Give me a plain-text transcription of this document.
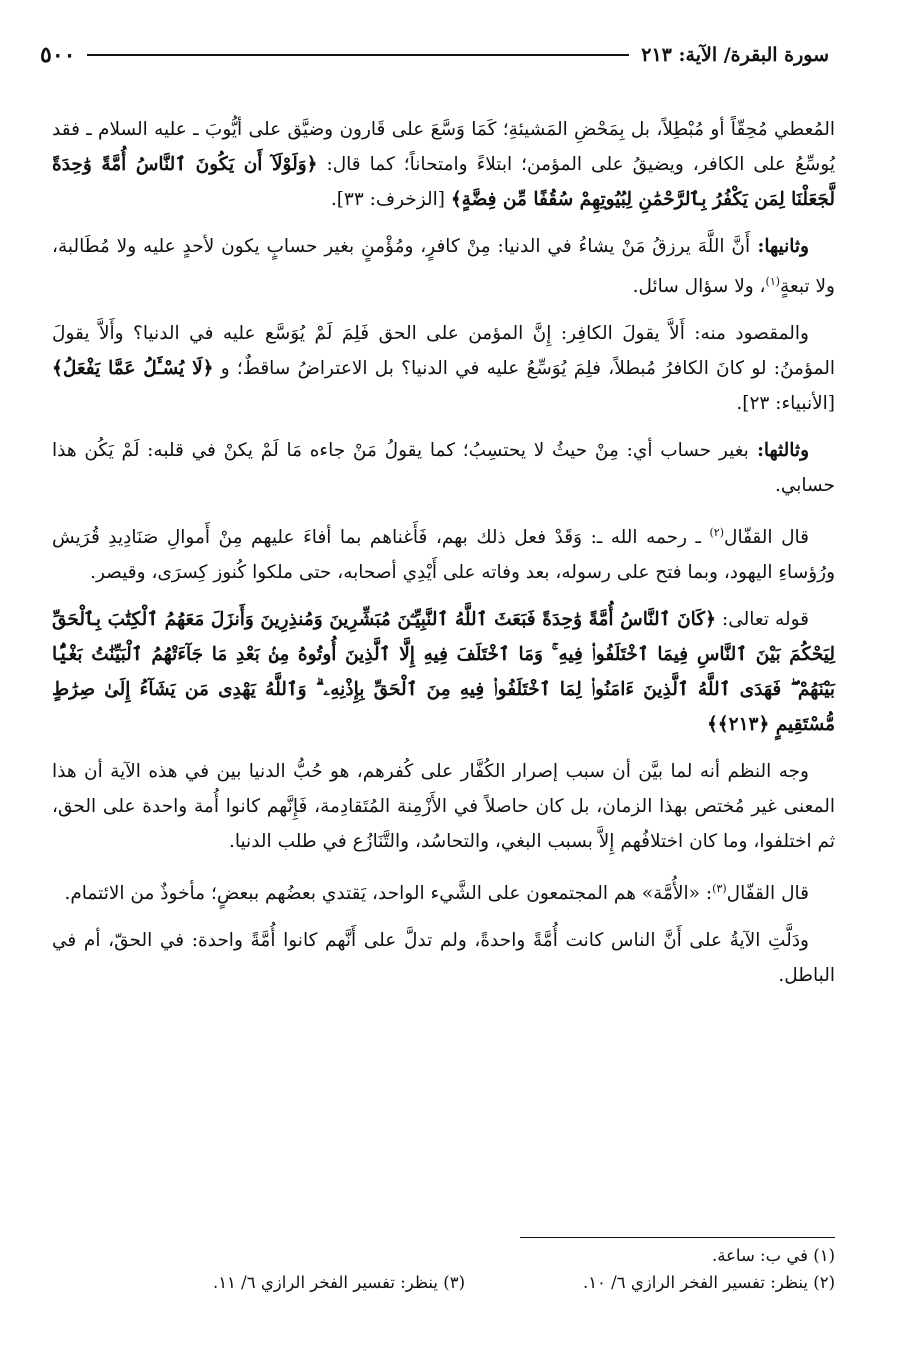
سورة البقرة/ الآية: ٢١٣
٥٠٠

المُعطي مُحِقّاً أو مُبْطِلاً، بل بِمَحْضِ المَشيئةِ؛ كَمَا وَسَّعَ على قَارون وضيَّق على أيُّوبَ ـ عليه السلام ـ فقد يُوسِّعُ على الكافر، ويضيقُ على المؤمن؛ ابتلاءً وامتحاناً؛ كما قال: ﴿وَلَوْلَآ أَن يَكُونَ ٱلنَّاسُ أُمَّةً وَٰحِدَةً لَّجَعَلْنَا لِمَن يَكْفُرُ بِٱلرَّحْمَٰنِ لِبُيُوتِهِمْ سُقُفًا مِّن فِضَّةٍ﴾ [الزخرف: ٣٣].

وثانيها: أَنَّ اللَّهَ يرزقُ مَنْ يشاءُ في الدنيا: مِنْ كافرٍ، ومُؤْمنٍ بغير حسابٍ يكون لأحدٍ عليه ولا مُطَالبة، ولا تبعةٍ$^{(١)}$، ولا سؤال سائل.

والمقصود منه: أَلاَّ يقولَ الكافِر: إِنَّ المؤمن على الحق فَلِمَ لَمْ يُوَسَّع عليه في الدنيا؟ وأَلاَّ يقولَ المؤمنُ: لو كانَ الكافرُ مُبطلاً، فلِمَ يُوَسِّعُ عليه في الدنيا؟ بل الاعتراضُ ساقطٌ؛ و ﴿لَا يُسْـَٔلُ عَمَّا يَفْعَلُ﴾ [الأنبياء: ٢٣].

وثالثها: بغير حساب أي: مِنْ حيثُ لا يحتسِبُ؛ كما يقولُ مَنْ جاءه مَا لَمْ يكنْ في قلبه: لَمْ يَكُن هذا حسابي.

قال القفّال$^{(٢)}$ ـ رحمه الله ـ: وَقَدْ فعل ذلك بهم، فَأَغناهم بما أفاءَ عليهم مِنْ أَموالِ صَنَادِيدِ قُرَيش ورُؤساءِ اليهود، وبما فتح على رسوله، بعد وفاته على أَيْدِي أصحابه، حتى ملكوا كُنوز كِسرَى، وقيصر.

قوله تعالى: ﴿كَانَ ٱلنَّاسُ أُمَّةً وَٰحِدَةً فَبَعَثَ ٱللَّهُ ٱلنَّبِيِّـۧنَ مُبَشِّرِينَ وَمُنذِرِينَ وَأَنزَلَ مَعَهُمُ ٱلْكِتَٰبَ بِٱلْحَقِّ لِيَحْكُمَ بَيْنَ ٱلنَّاسِ فِيمَا ٱخْتَلَفُوا۟ فِيهِ ۚ وَمَا ٱخْتَلَفَ فِيهِ إِلَّا ٱلَّذِينَ أُوتُوهُ مِنۢ بَعْدِ مَا جَآءَتْهُمُ ٱلْبَيِّنَٰتُ بَغْيًۢا بَيْنَهُمْ ۖ فَهَدَى ٱللَّهُ ٱلَّذِينَ ءَامَنُوا۟ لِمَا ٱخْتَلَفُوا۟ فِيهِ مِنَ ٱلْحَقِّ بِإِذْنِهِۦ ۗ وَٱللَّهُ يَهْدِى مَن يَشَآءُ إِلَىٰ صِرَٰطٍ مُّسْتَقِيمٍ ﴿٢١٣﴾﴾

وجه النظم أنه لما بيَّن أن سبب إصرار الكُفَّار على كُفرهم، هو حُبُّ الدنيا بين في هذه الآية أن هذا المعنى غير مُختص بهذا الزمان، بل كان حاصلاً في الأَزْمِنة المُتَقادِمة، فَإِنَّهم كانوا أُمة واحدة على الحق، ثم اختلفوا، وما كان اختلافُهم إِلاَّ بسبب البغي، والتحاسُد، والتَّنَازُع في طلب الدنيا.

قال القفّال$^{(٣)}$: «الأُمَّة» هم المجتمعون على الشَّيء الواحد، يَقتدي بعضُهم ببعضٍ؛ مأخوذٌ من الائتمام.

ودَلَّتِ الآيةُ على أَنَّ الناس كانت أُمَّةً واحدةً، ولم تدلَّ على أَنَّهم كانوا أُمَّةً واحدة: في الحقّ، أم في الباطل.

(١) في ب: ساعة.
(٢) ينظر: تفسير الفخر الرازي ٦/ ١٠.
(٣) ينظر: تفسير الفخر الرازي ٦/ ١١.
